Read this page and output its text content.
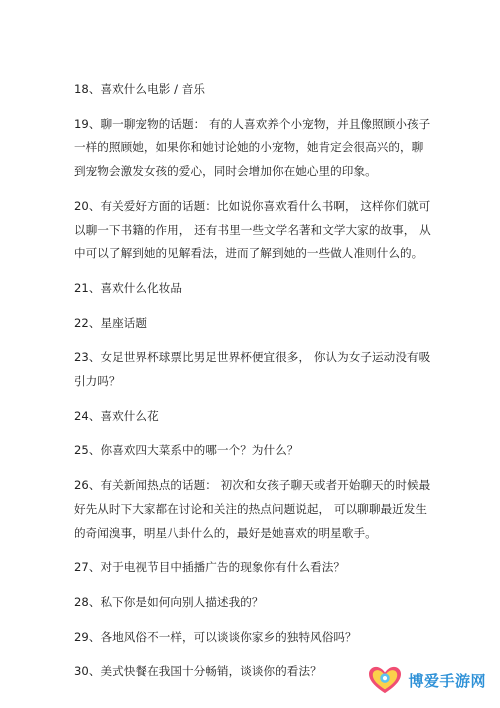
18、喜欢什么电影 / 音乐

19、聊一聊宠物的话题： 有的人喜欢养个小宠物，并且像照顾小孩子一样的照顾她，如果你和她讨论她的小宠物，她肯定会很高兴的，聊到宠物会激发女孩的爱心，同时会增加你在她心里的印象。

20、有关爱好方面的话题：比如说你喜欢看什么书啊， 这样你们就可以聊一下书籍的作用， 还有书里一些文学名著和文学大家的故事， 从中可以了解到她的见解看法，进而了解到她的一些做人准则什么的。

21、喜欢什么化妆品

22、星座话题

23、女足世界杯球票比男足世界杯便宜很多， 你认为女子运动没有吸引力吗？

24、喜欢什么花

25、你喜欢四大菜系中的哪一个？为什么？

26、有关新闻热点的话题： 初次和女孩子聊天或者开始聊天的时候最好先从时下大家都在讨论和关注的热点问题说起， 可以聊聊最近发生的奇闻溴事，明星八卦什么的，最好是她喜欢的明星歌手。

27、对于电视节目中插播广告的现象你有什么看法？

28、私下你是如何向别人描述我的？

29、各地风俗不一样，可以谈谈你家乡的独特风俗吗？

30、美式快餐在我国十分畅销，谈谈你的看法？

博爱手游网
